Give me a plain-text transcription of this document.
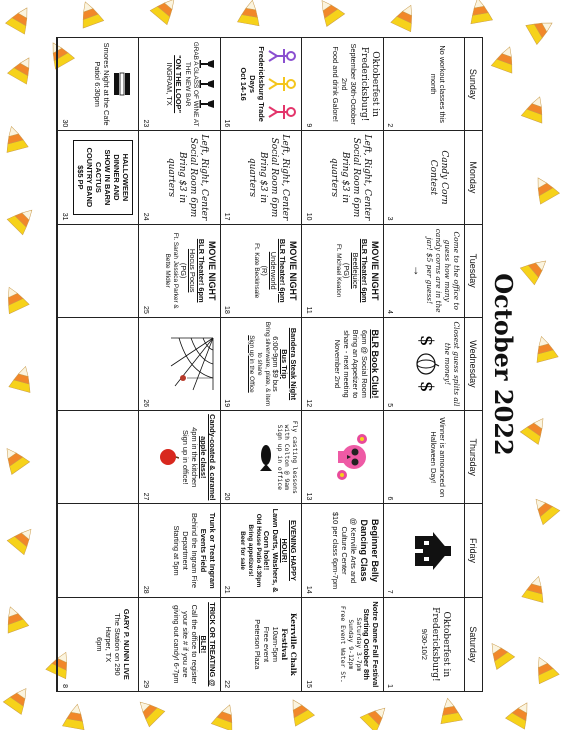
October 2022
Sunday
Monday
Tuesday
Wednesday
Thursday
Friday
Saturday
No workout classes this month
2
Candy Corn
Contest
3
Come to the office to guess how many candy corns are in the jar! $5 per guess!
→
4
Closest guess splits all the money!
$
$
5
Winner is announced on Halloween Day!
6
7
Oktoberfest in Fredericksburg!
9/30-10/2
1
Oktoberfest in Fredericksburg!
September 30th-October 2nd
Food and drink Galore!
9
Left, Right, Center
Social Room 6pm
Bring $3 in quarters
10
MOVIE NIGHT
BLR Theater! 6pm
Beetlejuice
(PG)
Ft. Michael Keaton
11
BLR Book Club!
6pm @ Social Room
Bring an Appetizer to share - next meeting November 2nd
12
13
Beginner Belly Dancing Class
@ Kerrville Arts and Culture Center
$10 per class 6pm-7pm
14
Notre Dame Fall Festival Starting October 8th
Saturday 3-7pm
Sunday 9-12pm
Free Event Water St.
15
Fredericksburg Trade Days
Oct 14-16
16
Left, Right, Center
Social Room 6pm
Bring $3 in quarters
17
MOVIE NIGHT
BLR Theater! 6pm
Underworld
(R)
Ft. Kate Beckinsale
18
Bandera Steak Night Bus Trip
6:00-9pm $9 bus
Bring silverware, plate, & item to share
Sign up in the Office
19
Fly casting lessons with Colton @ 9am
Sign up in office
20
EVENING HAPPY HOUR!
Lawn Darts, Washers, & Corn hole!!
Old House Patio 4:30pm
Bring appetizers!
Beer for sale
21
Kerrville Chalk Festival
10am-5pm
Free event
Peterson Plaza
22
GRAB A GLASS OF WINE AT THE NEW BAR
"ON THE LOOP"
INGRAM, TX
23
Left, Right, Center
Social Room 6pm
Bring $3 in quarters
24
MOVIE NIGHT
BLR Theater! 6pm
Hocus Pocus
(PG)
Ft. Sarah Jessica Parker & Bette Midler
25
26
Candy-coated & caramel apple class!
4pm in the kitchen
Sign up in office!
27
Trunk or Treat Ingram Events Field
Behind the Ingram Fire Department
Starting at 5pm
28
TRICK OR TREATING @ BLR!
Call the office to register your site # if you are giving out candy! 6-7pm
29
Smores Night at the Cafe Patio! 6:30pm
30
HALLOWEEN DINNER AND SHOW IN BARN
CACTUS COUNTRY BAND $$5 PP
31
GARY P. NUNN LIVE
The Station on 290
Harper, TX
6pm
8
